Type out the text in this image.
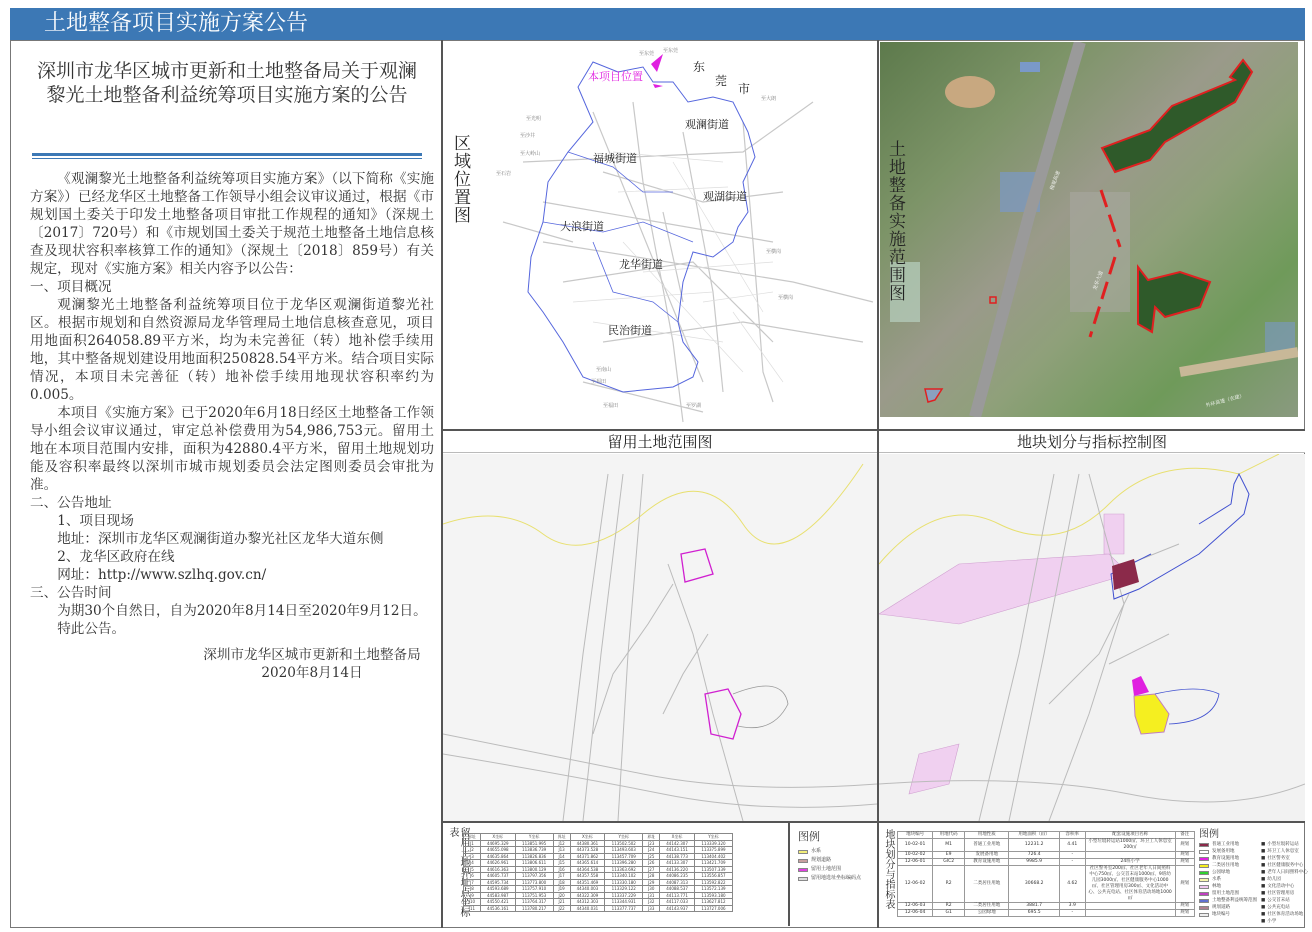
土地整备项目实施方案公告
深圳市龙华区城市更新和土地整备局关于观澜
黎光土地整备利益统筹项目实施方案的公告

《观澜黎光土地整备利益统筹项目实施方案》（以下简称《实施方案》）已经龙华区土地整备工作领导小组会议审议通过，根据《市规划国土委关于印发土地整备项目审批工作规程的通知》（深规土〔2017〕720号）和《市规划国土委关于规范土地整备土地信息核查及现状容积率核算工作的通知》（深规土〔2018〕859号）有关规定，现对《实施方案》相关内容予以公告：

一、项目概况

观澜黎光土地整备利益统筹项目位于龙华区观澜街道黎光社区。根据市规划和自然资源局龙华管理局土地信息核查意见，项目用地面积264058.89平方米，均为未完善征（转）地补偿手续用地，其中整备规划建设用地面积250828.54平方米。结合项目实际情况，本项目未完善征（转）地补偿手续用地现状容积率约为0.005。

本项目《实施方案》已于2020年6月18日经区土地整备工作领导小组会议审议通过，审定总补偿费用为54,986,753元。留用土地在本项目范围内安排，面积为42880.4平方米，留用土地规划功能及容积率最终以深圳市城市规划委员会法定图则委员会审批为准。

二、公告地址

1、项目现场

地址：深圳市龙华区观澜街道办黎光社区龙华大道东侧

2、龙华区政府在线

网址：http://www.szlhq.gov.cn/

三、公告时间

为期30个自然日，自为2020年8月14日至2020年9月12日。

特此公告。

深圳市龙华区城市更新和土地整备局
2020年8月14日
区域位置图
本项目位置
东
莞
市
观澜街道
福城街道
观湖街道
大浪街道
龙华街道
民治街道
至东莞 至东莞
至大朗
至光明
至沙井
至大岭山
至石岩
至横岗
至横岗
至南山
至福田
至福田	至罗湖
土地整备实施范围图	梅观高速
龙华大道
外环高速（在建）
留用土地范围图	地块划分与指标控制图
留用土地界址点坐标表	界址	X坐标	Y坐标	界址	X坐标	Y坐标	界址	X坐标	Y坐标
J1	44695.329	113851.995	J12	44380.361	113502.502	J23	44142.307	113339.320
J2	44655.098	113836.739	J13	44373.528	113493.603	J24	44143.151	113375.899
J3	44635.864	113826.836	J14	44371.862	113457.709	J25	44138.773	113404.402
J4	44626.961	113806.611	J15	44365.614	113396.280	J26	44133.307	113421.709
J5	44616.363	113800.129	J16	44364.538	113363.692	J27	44136.220	113507.339
J6	44605.737	113797.356	J17	44357.558	113340.102	J28	44086.235	113556.857
J7	44595.734	113773.800	J18	44351.469	113330.180	J29	44087.313	113592.822
J8	44593.689	113757.910	J19	44340.003	113329.122	J30	44088.537	113572.139
J9	44583.987	113751.953	J20	44322.309	113337.229	J31	44113.771	113593.180
J10	44550.421	113764.317	J21	44312.303	113344.931	J32	44117.033	113627.812
J11	44536.161	113780.217	J22	44340.031	113377.737	J33	44143.937	113727.006
图例
水系
规划道路
留用土地范围
留用地选址坐标编码点 地块划分与指标表	地块编号	用地代码	用地性质	用地面积（㎡）	容积率	配套设施项目名称	备注
10-02-01	M1	普通工业用地	12231.2	4.41	小型垃圾转运站1000㎡、环卫工人休息室200㎡	规划
10-02-02	E9	发展备用地	726.4	-		规划
12-06-01	GIC2	教育设施用地	9985.9	-	24班小学	规划
12-06-02	R2	二类居住用地	30668.2	4.62	社区警务室200㎡、社区老年人日间照料中心750㎡、公交首末站1000㎡、9班幼儿园3000㎡、社区健康服务中心1000㎡、社区管理用房300㎡、文化活动中心、公共充电站、社区体育活动场地1000㎡	规划
12-06-03	R2	二类居住用地	3881.7	3.9		规划
12-06-04	G1	公园绿地	695.5	-		规划
图例
普通工业用地
发展备用地
教育设施用地
二类居住用地
公园绿地
水系
林地
留用土地范围
土地整备利益统筹范围
规划道路
地块编号
■ 小型垃圾转运站
■ 环卫工人休息室
■ 社区警务室
■ 社区健康服务中心
■ 老年人日间照料中心
■ 幼儿园
■ 文化活动中心
■ 社区管理用房
■ 公交首末站
■ 公共充电站
■ 社区体育活动场地
■ 小学
